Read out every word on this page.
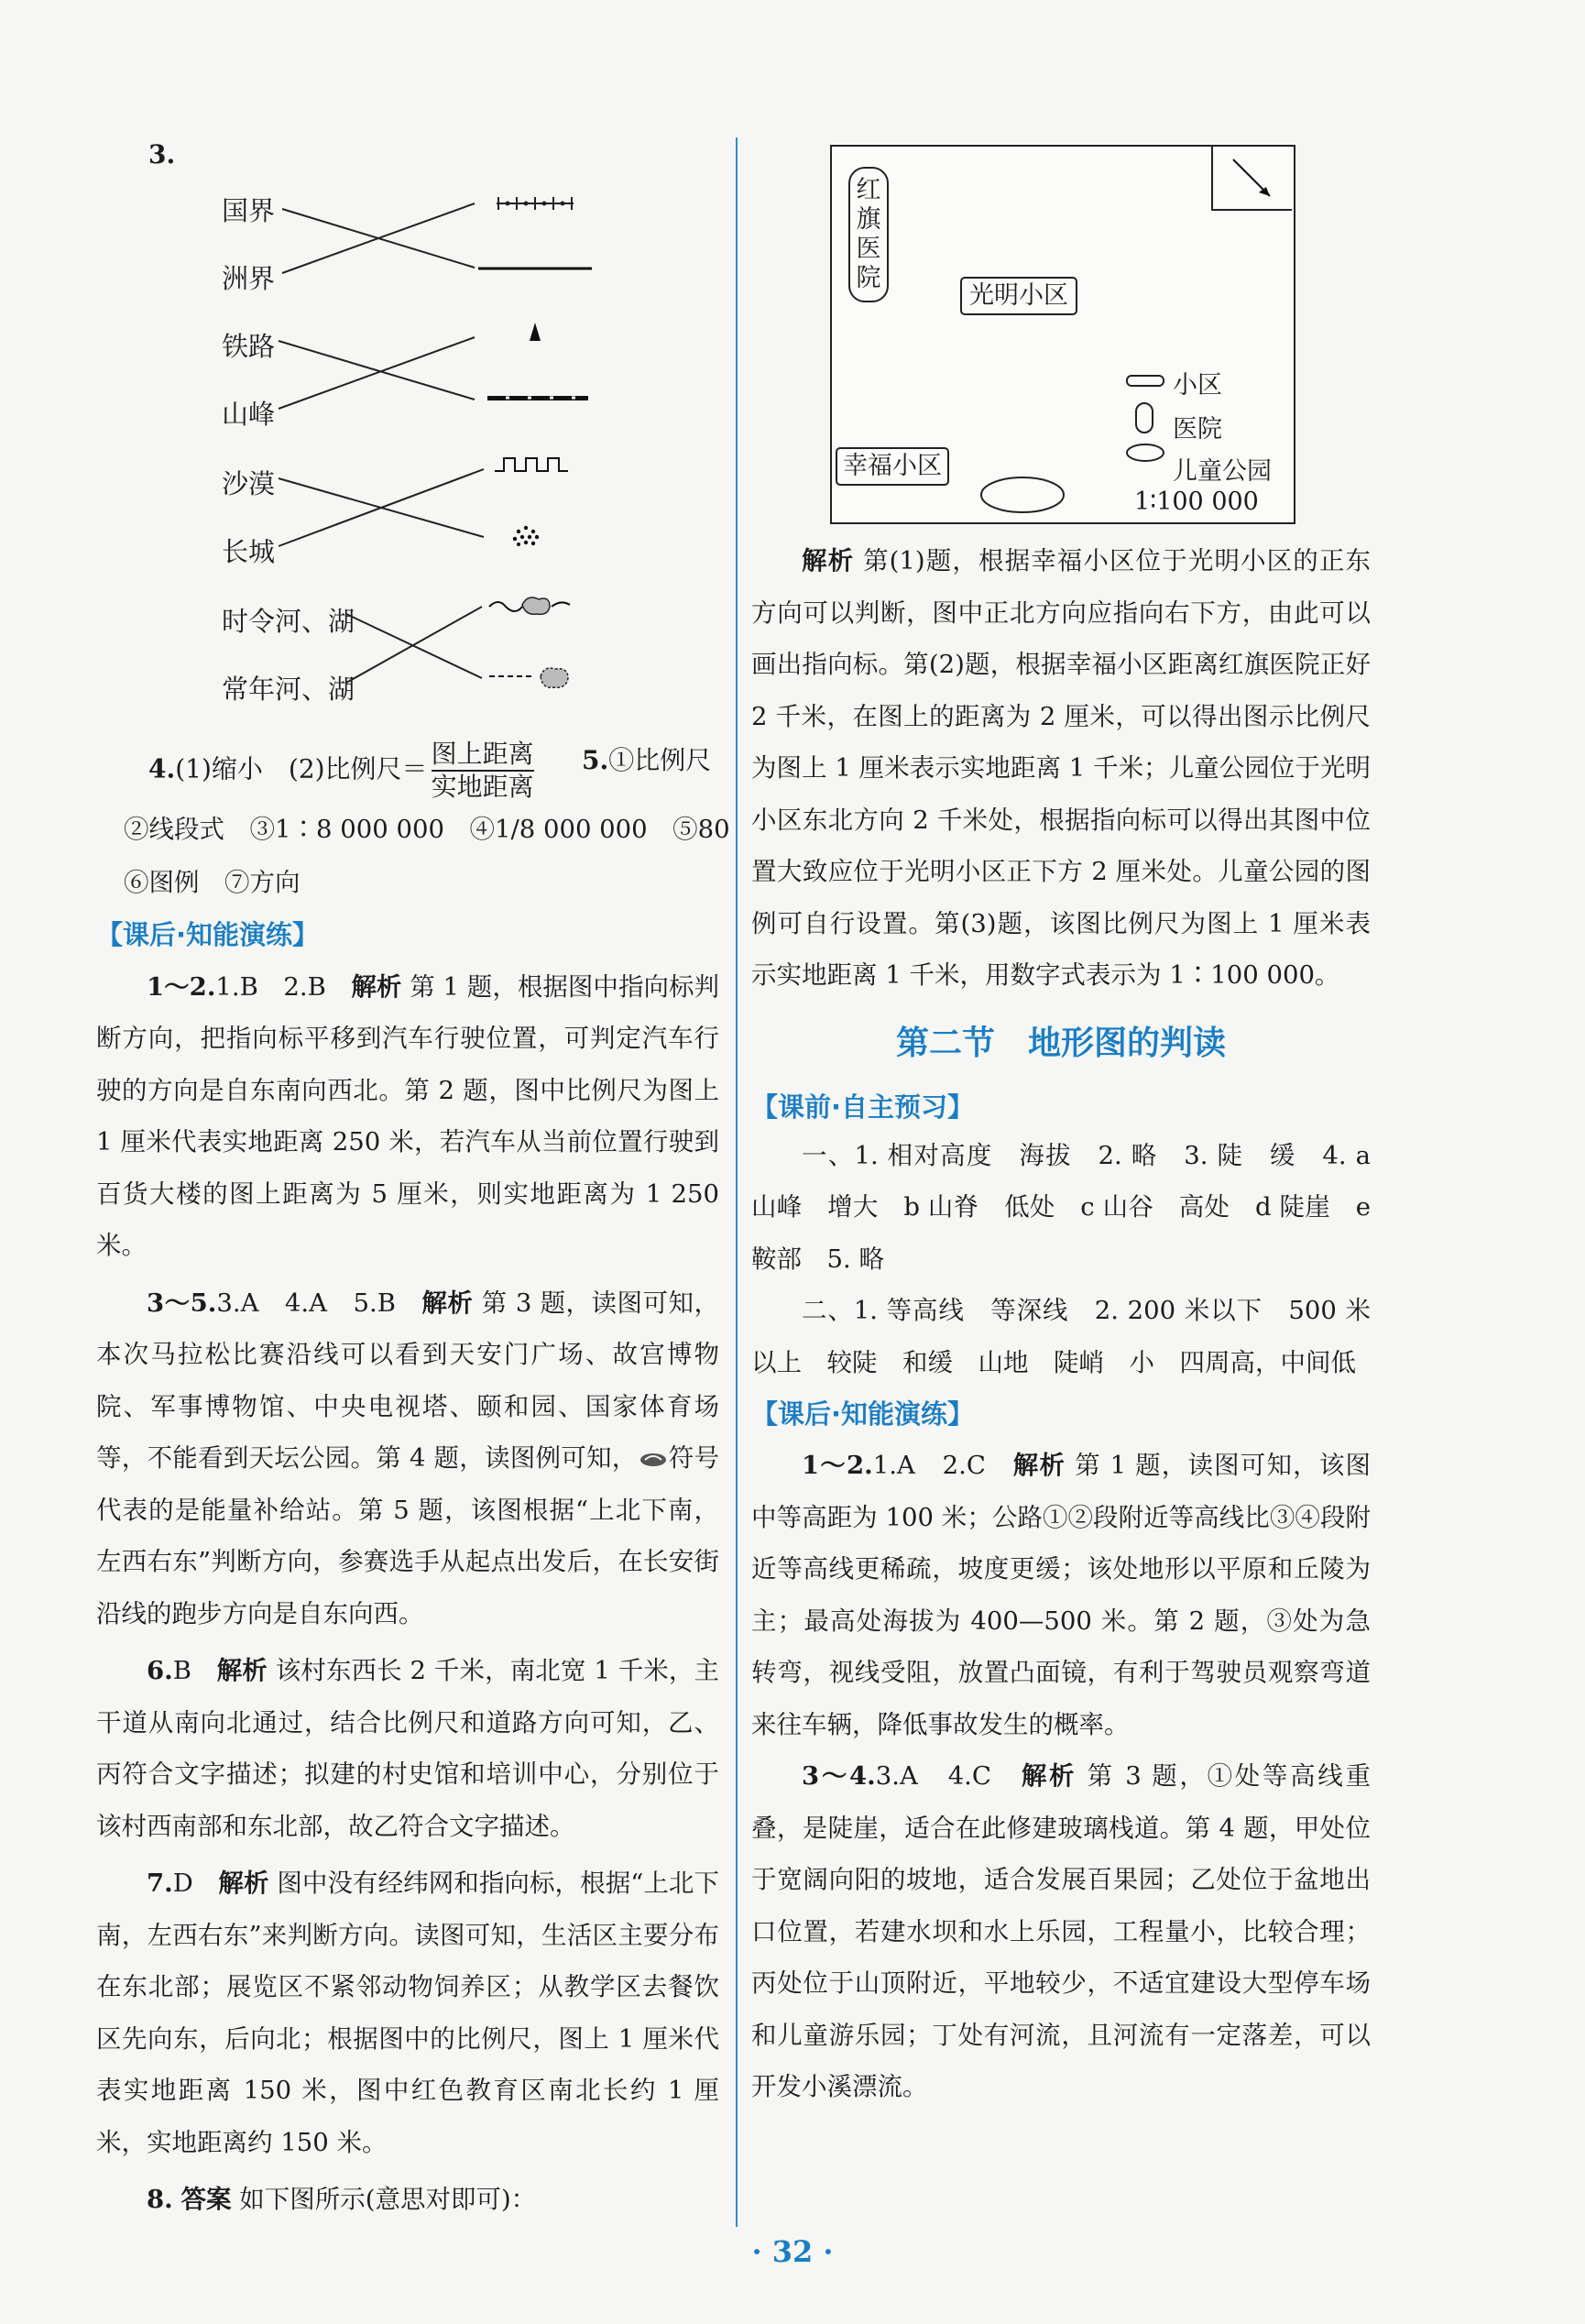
3.
国界
洲界
铁路
山峰
沙漠
长城
时令河、湖
常年河、湖
4.(1)缩小　(2)比例尺＝ $\frac{\text{图上距离}}{\text{实地距离}}$ 5.①比例尺
②线段式　③1∶8 000 000　④1/8 000 000　⑤80
⑥图例　⑦方向

【课后·知能演练】

1～2.1.B　2.B　解析 第 1 题，根据图中指向标判断方向，把指向标平移到汽车行驶位置，可判定汽车行驶的方向是自东南向西北。第 2 题，图中比例尺为图上 1 厘米代表实地距离 250 米，若汽车从当前位置行驶到百货大楼的图上距离为 5 厘米，则实地距离为 1 250 米。

3～5.3.A　4.A　5.B　解析 第 3 题，读图可知，本次马拉松比赛沿线可以看到天安门广场、故宫博物院、军事博物馆、中央电视塔、颐和园、国家体育场等，不能看到天坛公园。第 4 题，读图例可知， 符号代表的是能量补给站。第 5 题，该图根据“上北下南，左西右东”判断方向，参赛选手从起点出发后，在长安街沿线的跑步方向是自东向西。

6.B　解析 该村东西长 2 千米，南北宽 1 千米，主干道从南向北通过，结合比例尺和道路方向可知，乙、丙符合文字描述；拟建的村史馆和培训中心，分别位于该村西南部和东北部，故乙符合文字描述。

7.D　解析 图中没有经纬网和指向标，根据“上北下南，左西右东”来判断方向。读图可知，生活区主要分布在东北部；展览区不紧邻动物饲养区；从教学区去餐饮区先向东，后向北；根据图中的比例尺，图上 1 厘米代表实地距离 150 米，图中红色教育区南北长约 1 厘米，实地距离约 150 米。

8. 答案 如下图所示(意思对即可)：

红旗医院
光明小区
幸福小区
小区
医院
儿童公园
1∶100 000

解析 第(1)题，根据幸福小区位于光明小区的正东方向可以判断，图中正北方向应指向右下方，由此可以画出指向标。第(2)题，根据幸福小区距离红旗医院正好 2 千米，在图上的距离为 2 厘米，可以得出图示比例尺为图上 1 厘米表示实地距离 1 千米；儿童公园位于光明小区东北方向 2 千米处，根据指向标可以得出其图中位置大致应位于光明小区正下方 2 厘米处。儿童公园的图例可自行设置。第(3)题，该图比例尺为图上 1 厘米表示实地距离 1 千米，用数字式表示为 1∶100 000。

第二节　地形图的判读

【课前·自主预习】

一、1. 相对高度　海拔　2. 略　3. 陡　缓　4. a 山峰　增大　b 山脊　低处　c 山谷　高处　d 陡崖　e 鞍部　5. 略

二、1. 等高线　等深线　2. 200 米以下　500 米以上　较陡　和缓　山地　陡峭　小　四周高，中间低

【课后·知能演练】

1～2.1.A　2.C　解析 第 1 题，读图可知，该图中等高距为 100 米；公路①②段附近等高线比③④段附近等高线更稀疏，坡度更缓；该处地形以平原和丘陵为主；最高处海拔为 400—500 米。第 2 题，③处为急转弯，视线受阻，放置凸面镜，有利于驾驶员观察弯道来往车辆，降低事故发生的概率。

3～4.3.A　4.C　解析 第 3 题，①处等高线重叠，是陡崖，适合在此修建玻璃栈道。第 4 题，甲处位于宽阔向阳的坡地，适合发展百果园；乙处位于盆地出口位置，若建水坝和水上乐园，工程量小，比较合理；丙处位于山顶附近，平地较少，不适宜建设大型停车场和儿童游乐园；丁处有河流，且河流有一定落差，可以开发小溪漂流。

· 32 ·
